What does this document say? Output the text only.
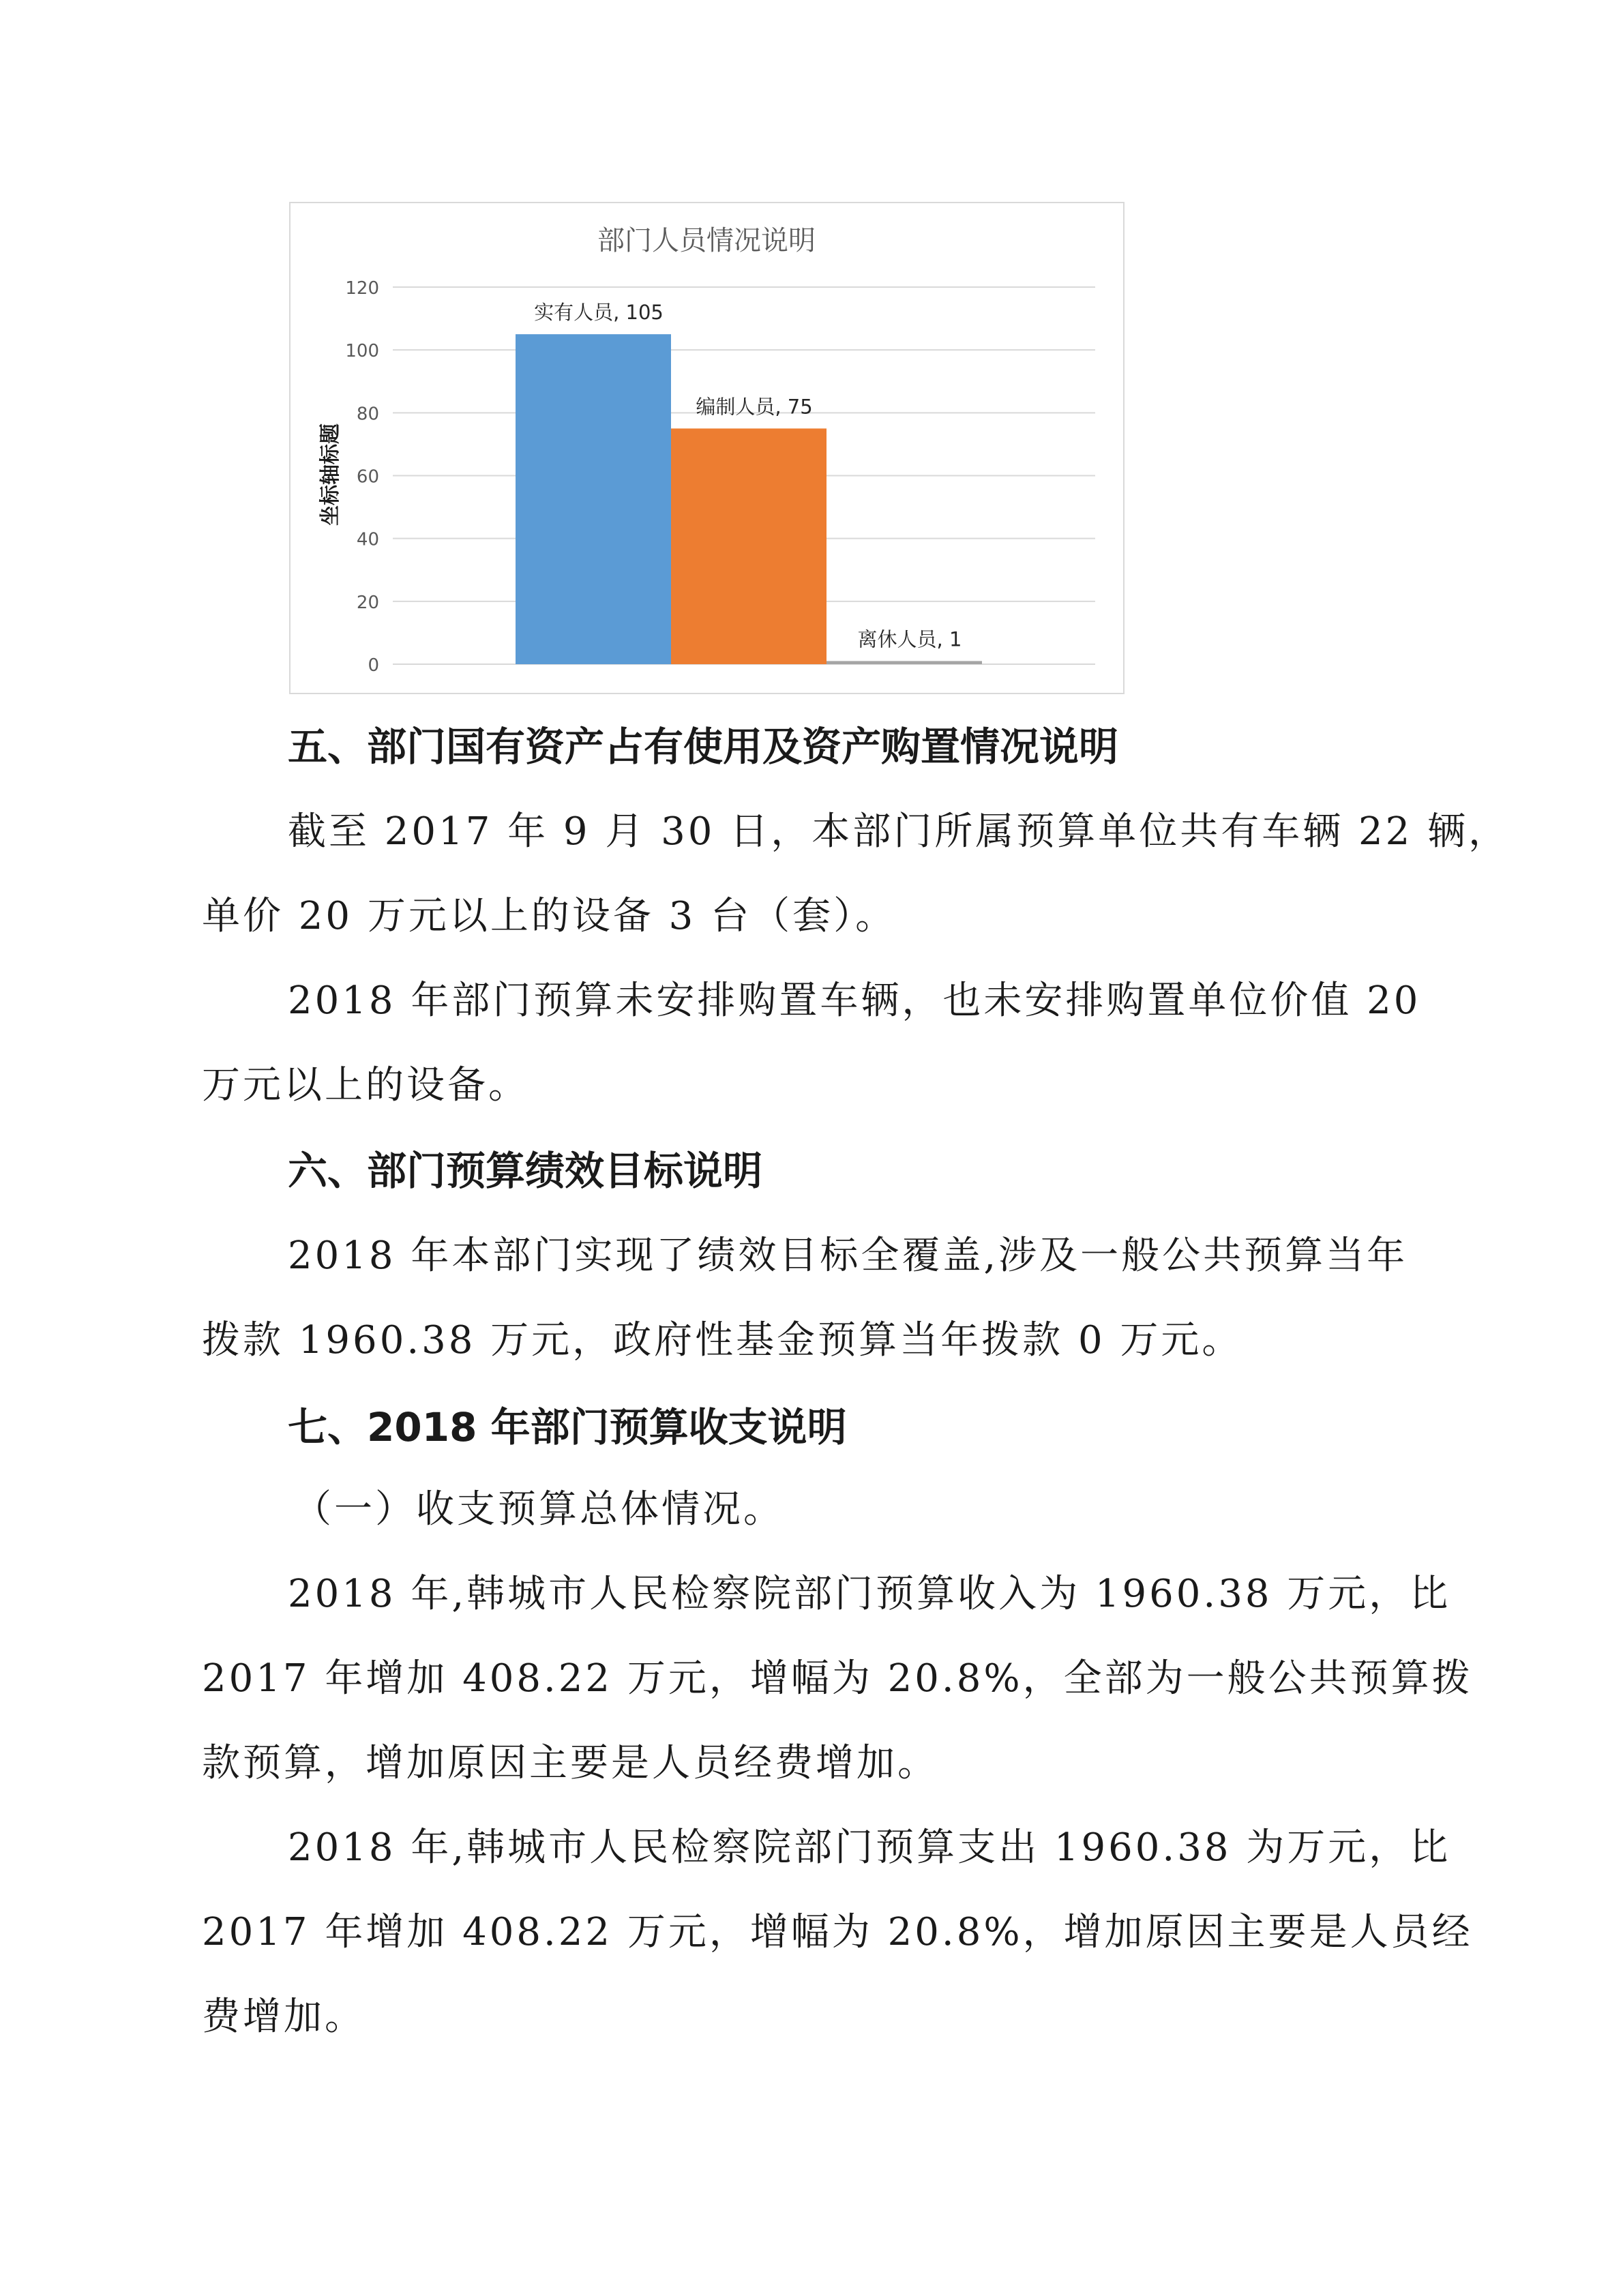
部门人员情况说明
0
20
40
60
80
100
120
实有人员, 105
编制人员, 75
离休人员, 1
坐标轴标题
五、部门国有资产占有使用及资产购置情况说明

截至 2017 年 9 月 30 日，本部门所属预算单位共有车辆 22 辆，

单价 20 万元以上的设备 3 台（套）。

2018 年部门预算未安排购置车辆，也未安排购置单位价值 20

万元以上的设备。

六、部门预算绩效目标说明

2018 年本部门实现了绩效目标全覆盖,涉及一般公共预算当年

拨款 1960.38 万元，政府性基金预算当年拨款 0 万元。

七、2018 年部门预算收支说明

（一）收支预算总体情况。

2018 年,韩城市人民检察院部门预算收入为 1960.38 万元，比

2017 年增加 408.22 万元，增幅为 20.8%，全部为一般公共预算拨

款预算，增加原因主要是人员经费增加。

2018 年,韩城市人民检察院部门预算支出 1960.38 为万元，比

2017 年增加 408.22 万元，增幅为 20.8%，增加原因主要是人员经

费增加。
